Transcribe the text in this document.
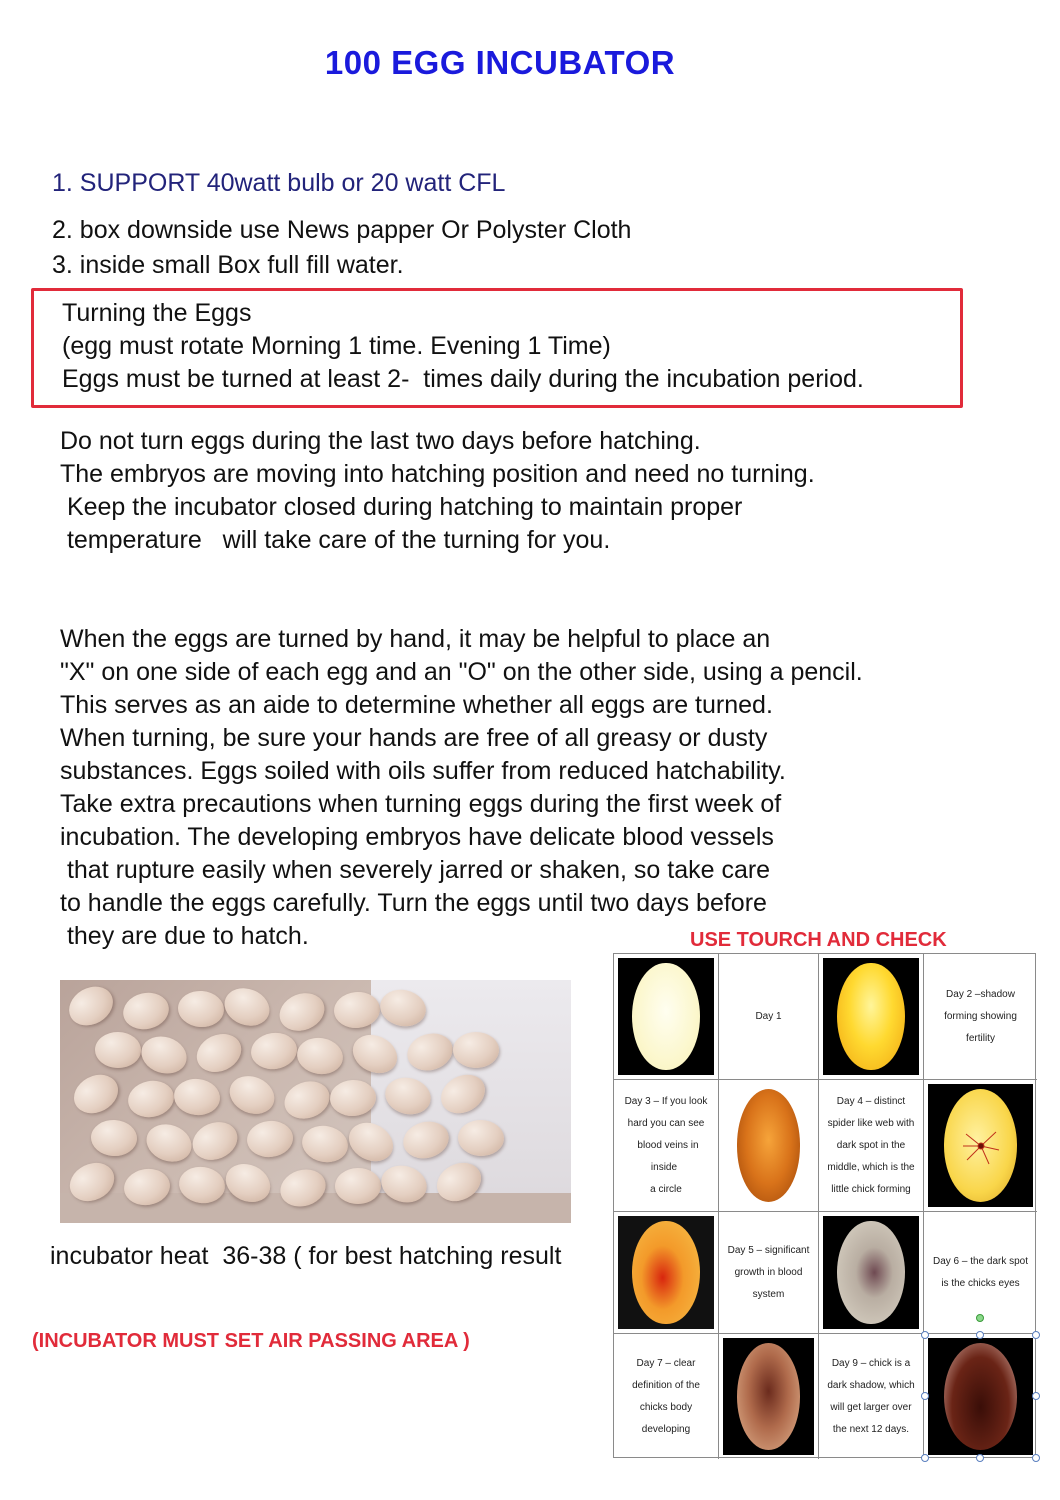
100 EGG INCUBATOR
1. SUPPORT 40watt bulb or 20 watt CFL
2. box downside use News papper Or Polyster Cloth
3. inside small Box full fill water.

Turning the Eggs

(egg must rotate Morning 1 time. Evening 1 Time)

Eggs must be turned at least 2-  times daily during the incubation period.

Do not turn eggs during the last two days before hatching.

The embryos are moving into hatching position and need no turning.

Keep the incubator closed during hatching to maintain proper

temperature   will take care of the turning for you.

When the eggs are turned by hand, it may be helpful to place an

"X" on one side of each egg and an "O" on the other side, using a pencil.

This serves as an aide to determine whether all eggs are turned.

When turning, be sure your hands are free of all greasy or dusty

substances. Eggs soiled with oils suffer from reduced hatchability.

Take extra precautions when turning eggs during the first week of

incubation. The developing embryos have delicate blood vessels

that rupture easily when severely jarred or shaken, so take care

to handle the eggs carefully. Turn the eggs until two days before

they are due to hatch.	USE TOURCH AND CHECK
incubator heat  36-38 ( for best hatching result
(INCUBATOR MUST SET AIR PASSING AREA )
Day 1
Day 2 –shadow
forming showing
fertility
Day 3 – If you look
hard you can see
blood veins in inside
a circle
Day 4 – distinct
spider like web with
dark spot in the
middle, which is the
little chick forming
Day 5 – significant
growth in blood
system
Day 6 – the dark spot
is the chicks eyes
Day 7 – clear
definition of the
chicks body
developing
Day 9 – chick is a
dark shadow, which
will get larger over
the next 12 days.
